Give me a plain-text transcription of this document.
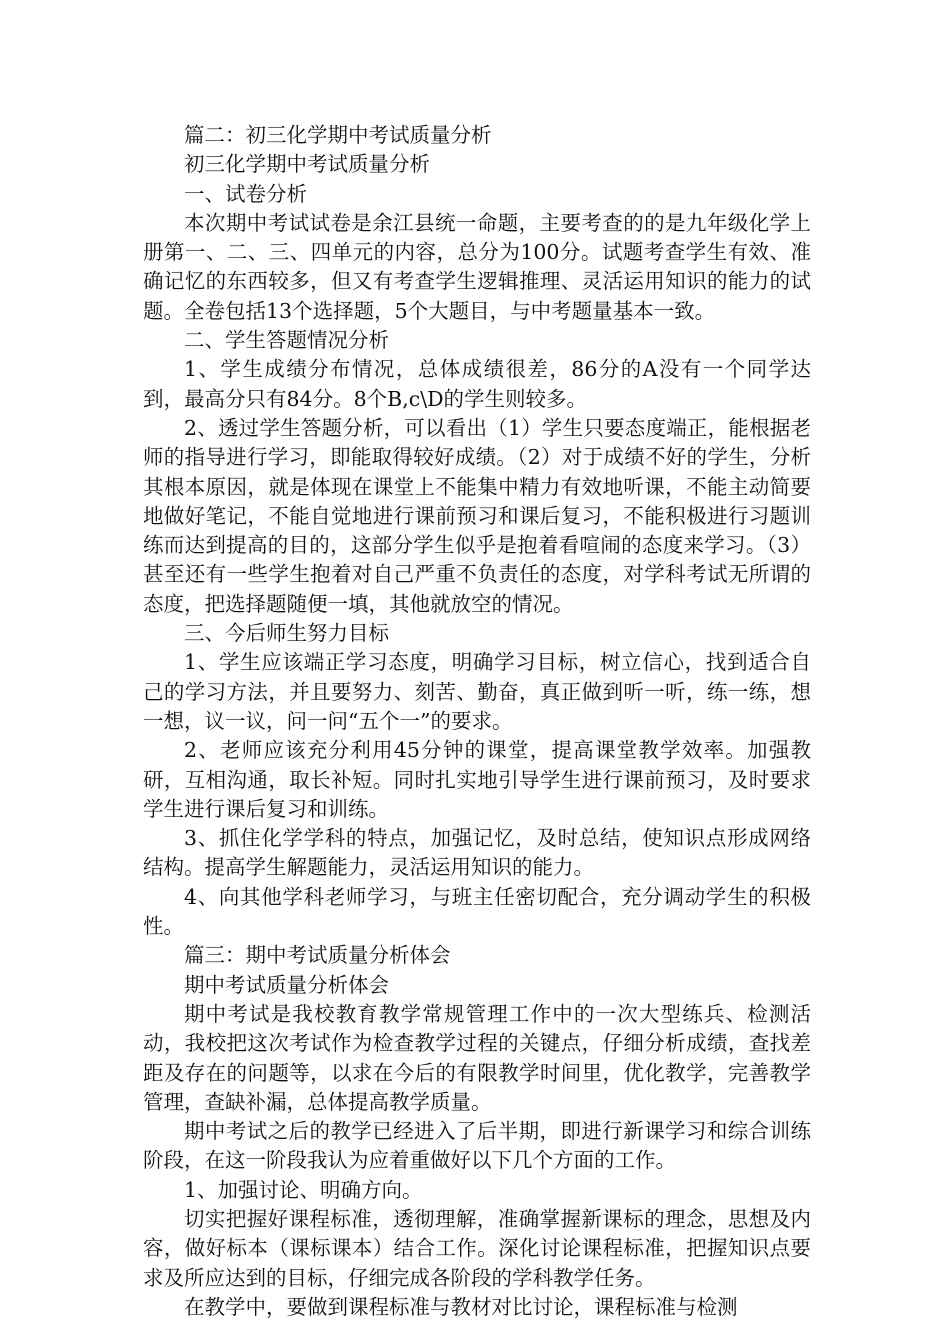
篇二：初三化学期中考试质量分析

初三化学期中考试质量分析

一、试卷分析

本次期中考试试卷是余江县统一命题，主要考查的的是九年级化学上册第一、二、三、四单元的内容，总分为100分。试题考查学生有效、准确记忆的东西较多，但又有考查学生逻辑推理、灵活运用知识的能力的试题。全卷包括13个选择题，5个大题目，与中考题量基本一致。

二、学生答题情况分析

1、学生成绩分布情况，总体成绩很差，86分的A没有一个同学达到，最高分只有84分。8个B,c\D的学生则较多。

2、透过学生答题分析，可以看出（1）学生只要态度端正，能根据老师的指导进行学习，即能取得较好成绩。（2）对于成绩不好的学生，分析其根本原因，就是体现在课堂上不能集中精力有效地听课，不能主动简要地做好笔记，不能自觉地进行课前预习和课后复习，不能积极进行习题训练而达到提高的目的，这部分学生似乎是抱着看喧闹的态度来学习。（3）甚至还有一些学生抱着对自己严重不负责任的态度，对学科考试无所谓的态度，把选择题随便一填，其他就放空的情况。

三、今后师生努力目标

1、学生应该端正学习态度，明确学习目标，树立信心，找到适合自己的学习方法，并且要努力、刻苦、勤奋，真正做到听一听，练一练，想一想，议一议，问一问“五个一”的要求。

2、老师应该充分利用45分钟的课堂，提高课堂教学效率。加强教研，互相沟通，取长补短。同时扎实地引导学生进行课前预习，及时要求学生进行课后复习和训练。

3、抓住化学学科的特点，加强记忆，及时总结，使知识点形成网络结构。提高学生解题能力，灵活运用知识的能力。

4、向其他学科老师学习，与班主任密切配合，充分调动学生的积极性。

篇三：期中考试质量分析体会

期中考试质量分析体会

期中考试是我校教育教学常规管理工作中的一次大型练兵、检测活动，我校把这次考试作为检查教学过程的关键点，仔细分析成绩，查找差距及存在的问题等，以求在今后的有限教学时间里，优化教学，完善教学管理，查缺补漏，总体提高教学质量。

期中考试之后的教学已经进入了后半期，即进行新课学习和综合训练阶段，在这一阶段我认为应着重做好以下几个方面的工作。

1、加强讨论、明确方向。

切实把握好课程标准，透彻理解，准确掌握新课标的理念，思想及内容，做好标本（课标课本）结合工作。深化讨论课程标准，把握知识点要求及所应达到的目标，仔细完成各阶段的学科教学任务。

在教学中，要做到课程标准与教材对比讨论，课程标准与检测
